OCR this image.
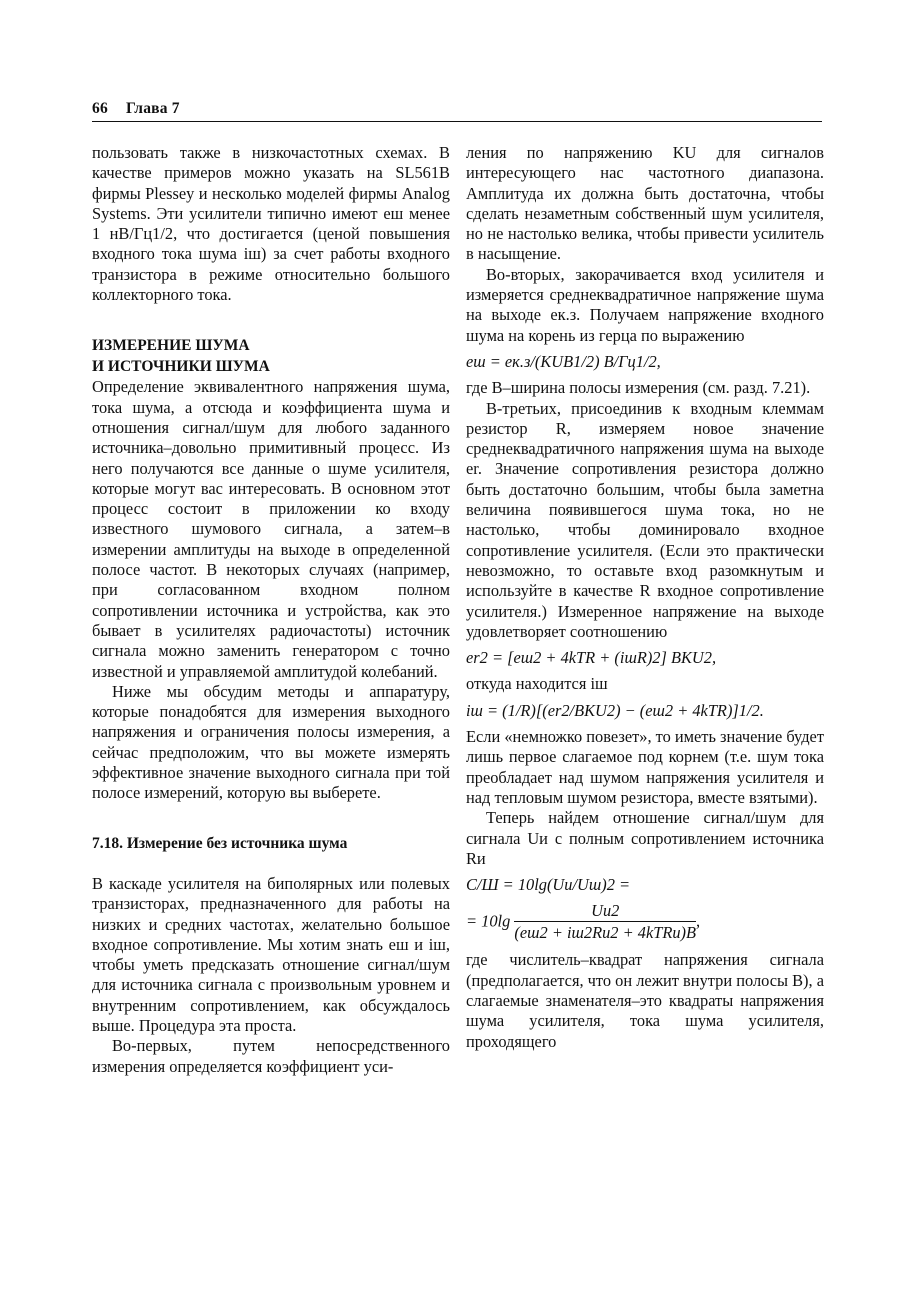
66 Глава 7

пользовать также в низкочастотных схемах. В качестве примеров можно указать на SL561B фирмы Plessey и несколько моделей фирмы Analog Systems. Эти усилители типично имеют eш менее 1 нВ/Гц1/2, что достигается (ценой повышения входного тока шума iш) за счет работы входного транзистора в режиме относительно большого коллекторного тока.

ИЗМЕРЕНИЕ ШУМА
И ИСТОЧНИКИ ШУМА

Определение эквивалентного напряжения шума, тока шума, а отсюда и коэффициента шума и отношения сигнал/шум для любого заданного источника–довольно примитивный процесс. Из него получаются все данные о шуме усилителя, которые могут вас интересовать. В основном этот процесс состоит в приложении ко входу известного шумового сигнала, а затем–в измерении амплитуды на выходе в определенной полосе частот. В некоторых случаях (например, при согласованном входном полном сопротивлении источника и устройства, как это бывает в усилителях радиочастоты) источник сигнала можно заменить генератором с точно известной и управляемой амплитудой колебаний.

Ниже мы обсудим методы и аппаратуру, которые понадобятся для измерения выходного напряжения и ограничения полосы измерения, а сейчас предположим, что вы можете измерять эффективное значение выходного сигнала при той полосе измерений, которую вы выберете.

7.18. Измерение без источника шума

В каскаде усилителя на биполярных или полевых транзисторах, предназначенного для работы на низких и средних частотах, желательно большое входное сопротивление. Мы хотим знать eш и iш, чтобы уметь предсказать отношение сигнал/шум для источника сигнала с произвольным уровнем и внутренним сопротивлением, как обсуждалось выше. Процедура эта проста.

Во-первых, путем непосредственного измерения определяется коэффициент уси-

ления по напряжению KU для сигналов интересующего нас частотного диапазона. Амплитуда их должна быть достаточна, чтобы сделать незаметным собственный шум усилителя, но не настолько велика, чтобы привести усилитель в насыщение.

Во-вторых, закорачивается вход усилителя и измеряется среднеквадратичное напряжение шума на выходе eк.з. Получаем напряжение входного шума на корень из герца по выражению

eш = eк.з/(KUB1/2) В/Гц1/2,

где B–ширина полосы измерения (см. разд. 7.21).

В-третьих, присоединив к входным клеммам резистор R, измеряем новое значение среднеквадратичного напряжения шума на выходе er. Значение сопротивления резистора должно быть достаточно большим, чтобы была заметна величина появившегося шума тока, но не настолько, чтобы доминировало входное сопротивление усилителя. (Если это практически невозможно, то оставьте вход разомкнутым и используйте в качестве R входное сопротивление усилителя.) Измеренное напряжение на выходе удовлетворяет соотношению

er2 = [eш2 + 4kTR + (iшR)2] BKU2,

откуда находится iш

iш = (1/R)[(er2/BKU2) − (eш2 + 4kTR)]1/2.

Если «немножко повезет», то иметь значение будет лишь первое слагаемое под корнем (т.е. шум тока преобладает над шумом напряжения усилителя и над тепловым шумом резистора, вместе взятыми).

Теперь найдем отношение сигнал/шум для сигнала Uи с полным сопротивлением источника Rи

С/Ш = 10lg(Uи/Uш)2 =
= $10\lg \frac{Uи2}{\text{(eш2 + iш2Rи2 + 4kTRи)B}}$ ,

где числитель–квадрат напряжения сигнала (предполагается, что он лежит внутри полосы B), а слагаемые знаменателя–это квадраты напряжения шума усилителя, тока шума усилителя, проходящего
